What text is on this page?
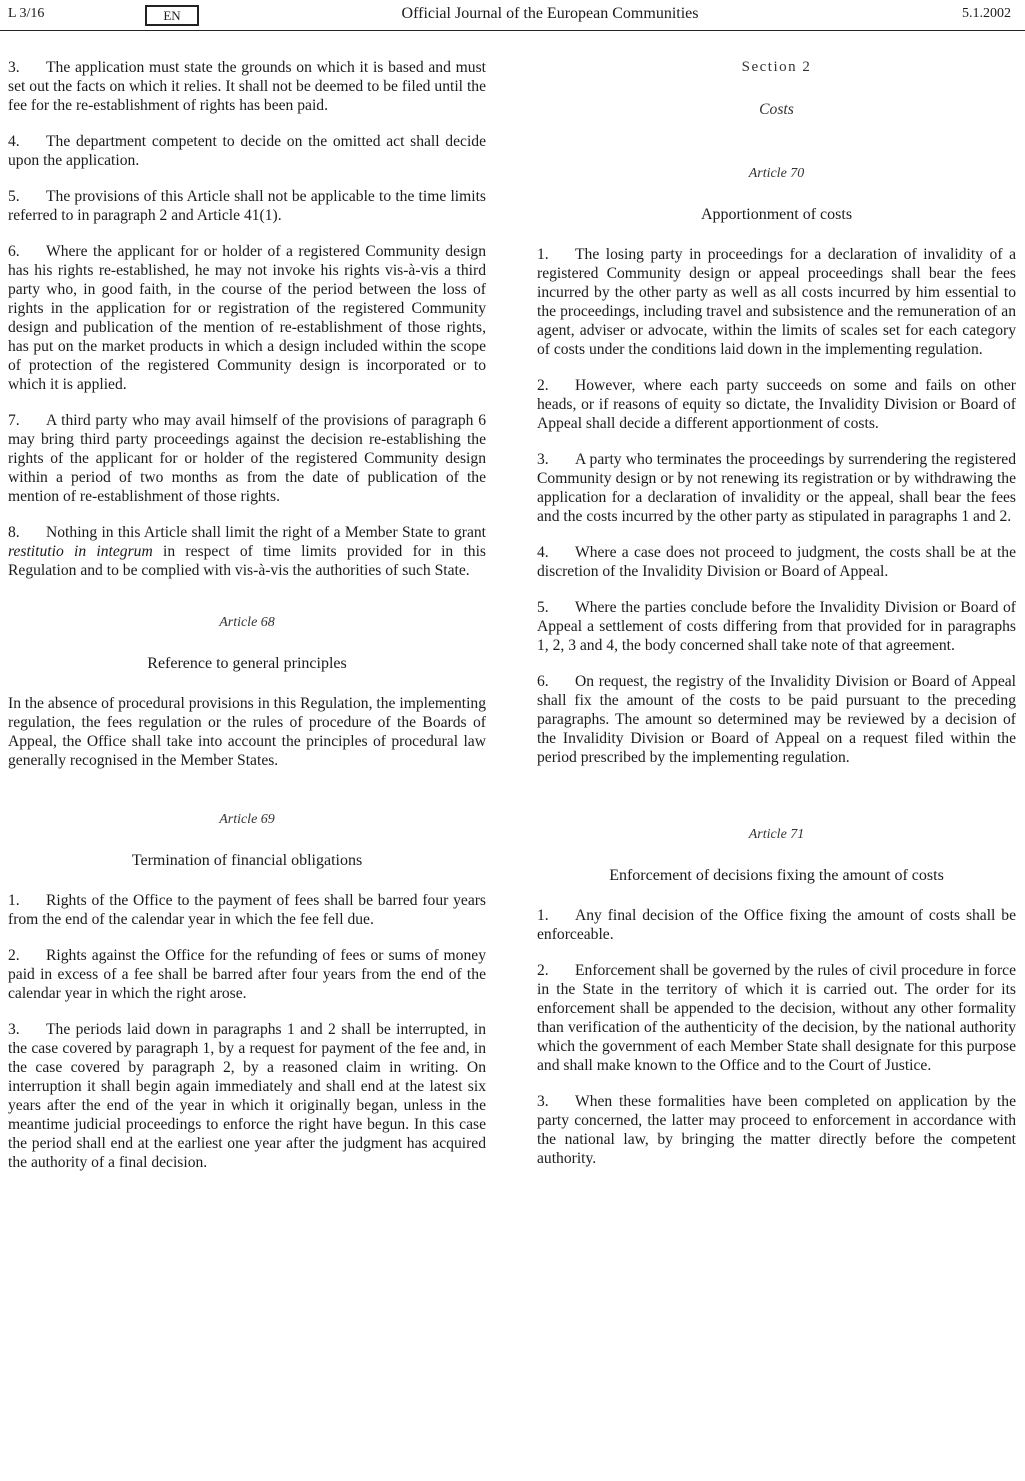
L 3/16	EN	Official Journal of the European Communities	5.1.2002

3. The application must state the grounds on which it is based and must set out the facts on which it relies. It shall not be deemed to be filed until the fee for the re-establishment of rights has been paid.

4. The department competent to decide on the omitted act shall decide upon the application.

5. The provisions of this Article shall not be applicable to the time limits referred to in paragraph 2 and Article 41(1).

6. Where the applicant for or holder of a registered Community design has his rights re-established, he may not invoke his rights vis-à-vis a third party who, in good faith, in the course of the period between the loss of rights in the application for or registration of the registered Community design and publication of the mention of re-establishment of those rights, has put on the market products in which a design included within the scope of protection of the registered Community design is incorporated or to which it is applied.

7. A third party who may avail himself of the provisions of paragraph 6 may bring third party proceedings against the decision re-establishing the rights of the applicant for or holder of the registered Community design within a period of two months as from the date of publication of the mention of re-establishment of those rights.

8. Nothing in this Article shall limit the right of a Member State to grant restitutio in integrum in respect of time limits provided for in this Regulation and to be complied with vis-à-vis the authorities of such State.

Article 68
Reference to general principles

In the absence of procedural provisions in this Regulation, the implementing regulation, the fees regulation or the rules of procedure of the Boards of Appeal, the Office shall take into account the principles of procedural law generally recognised in the Member States.

Article 69
Termination of financial obligations

1. Rights of the Office to the payment of fees shall be barred four years from the end of the calendar year in which the fee fell due.

2. Rights against the Office for the refunding of fees or sums of money paid in excess of a fee shall be barred after four years from the end of the calendar year in which the right arose.

3. The periods laid down in paragraphs 1 and 2 shall be interrupted, in the case covered by paragraph 1, by a request for payment of the fee and, in the case covered by paragraph 2, by a reasoned claim in writing. On interruption it shall begin again immediately and shall end at the latest six years after the end of the year in which it originally began, unless in the meantime judicial proceedings to enforce the right have begun. In this case the period shall end at the earliest one year after the judgment has acquired the authority of a final decision.

Section 2
Costs
Article 70
Apportionment of costs

1. The losing party in proceedings for a declaration of invalidity of a registered Community design or appeal proceedings shall bear the fees incurred by the other party as well as all costs incurred by him essential to the proceedings, including travel and subsistence and the remuneration of an agent, adviser or advocate, within the limits of scales set for each category of costs under the conditions laid down in the implementing regulation.

2. However, where each party succeeds on some and fails on other heads, or if reasons of equity so dictate, the Invalidity Division or Board of Appeal shall decide a different apportionment of costs.

3. A party who terminates the proceedings by surrendering the registered Community design or by not renewing its registration or by withdrawing the application for a declaration of invalidity or the appeal, shall bear the fees and the costs incurred by the other party as stipulated in paragraphs 1 and 2.

4. Where a case does not proceed to judgment, the costs shall be at the discretion of the Invalidity Division or Board of Appeal.

5. Where the parties conclude before the Invalidity Division or Board of Appeal a settlement of costs differing from that provided for in paragraphs 1, 2, 3 and 4, the body concerned shall take note of that agreement.

6. On request, the registry of the Invalidity Division or Board of Appeal shall fix the amount of the costs to be paid pursuant to the preceding paragraphs. The amount so determined may be reviewed by a decision of the Invalidity Division or Board of Appeal on a request filed within the period prescribed by the implementing regulation.

Article 71
Enforcement of decisions fixing the amount of costs

1. Any final decision of the Office fixing the amount of costs shall be enforceable.

2. Enforcement shall be governed by the rules of civil procedure in force in the State in the territory of which it is carried out. The order for its enforcement shall be appended to the decision, without any other formality than verification of the authenticity of the decision, by the national authority which the government of each Member State shall designate for this purpose and shall make known to the Office and to the Court of Justice.

3. When these formalities have been completed on application by the party concerned, the latter may proceed to enforcement in accordance with the national law, by bringing the matter directly before the competent authority.
